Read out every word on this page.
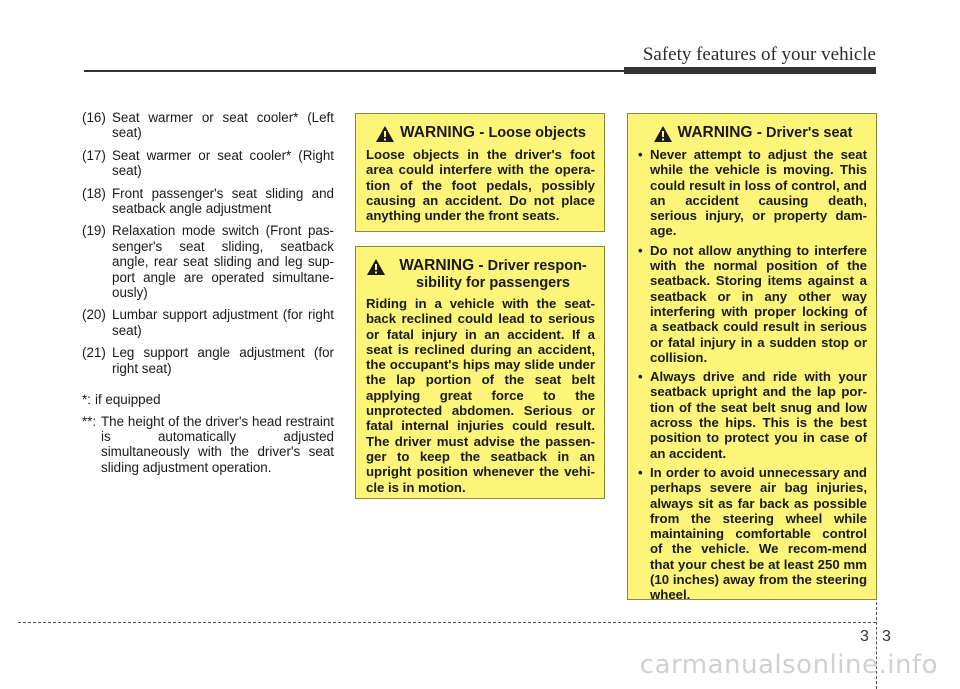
Safety features of your vehicle
(16) Seat warmer or seat cooler* (Left seat)
(17) Seat warmer or seat cooler* (Right seat)
(18) Front passenger's seat sliding and seatback angle adjustment
(19) Relaxation mode switch (Front pas-senger's seat sliding, seatback angle, rear seat sliding and leg sup-port angle are operated simultane-ously)
(20) Lumbar support adjustment (for right seat)
(21) Leg support angle adjustment (for right seat)
*: if equipped
**: The height of the driver's head restraint is automatically adjusted simultaneously with the driver's seat sliding adjustment operation.
WARNING - Loose objects
Loose objects in the driver's foot area could interfere with the opera-tion of the foot pedals, possibly causing an accident. Do not place anything under the front seats.
WARNING - Driver respon-sibility for passengers
Riding in a vehicle with the seat-back reclined could lead to serious or fatal injury in an accident. If a seat is reclined during an accident, the occupant's hips may slide under the lap portion of the seat belt applying great force to the unprotected abdomen. Serious or fatal internal injuries could result. The driver must advise the passen-ger to keep the seatback in an upright position whenever the vehi-cle is in motion.
WARNING - Driver's seat
• Never attempt to adjust the seat while the vehicle is moving. This could result in loss of control, and an accident causing death, serious injury, or property dam-age.
• Do not allow anything to interfere with the normal position of the seatback. Storing items against a seatback or in any other way interfering with proper locking of a seatback could result in serious or fatal injury in a sudden stop or collision.
• Always drive and ride with your seatback upright and the lap por-tion of the seat belt snug and low across the hips. This is the best position to protect you in case of an accident.
• In order to avoid unnecessary and perhaps severe air bag injuries, always sit as far back as possible from the steering wheel while maintaining comfortable control of the vehicle. We recom-mend that your chest be at least 250 mm (10 inches) away from the steering wheel.
3 3
carmanualsonline.info
